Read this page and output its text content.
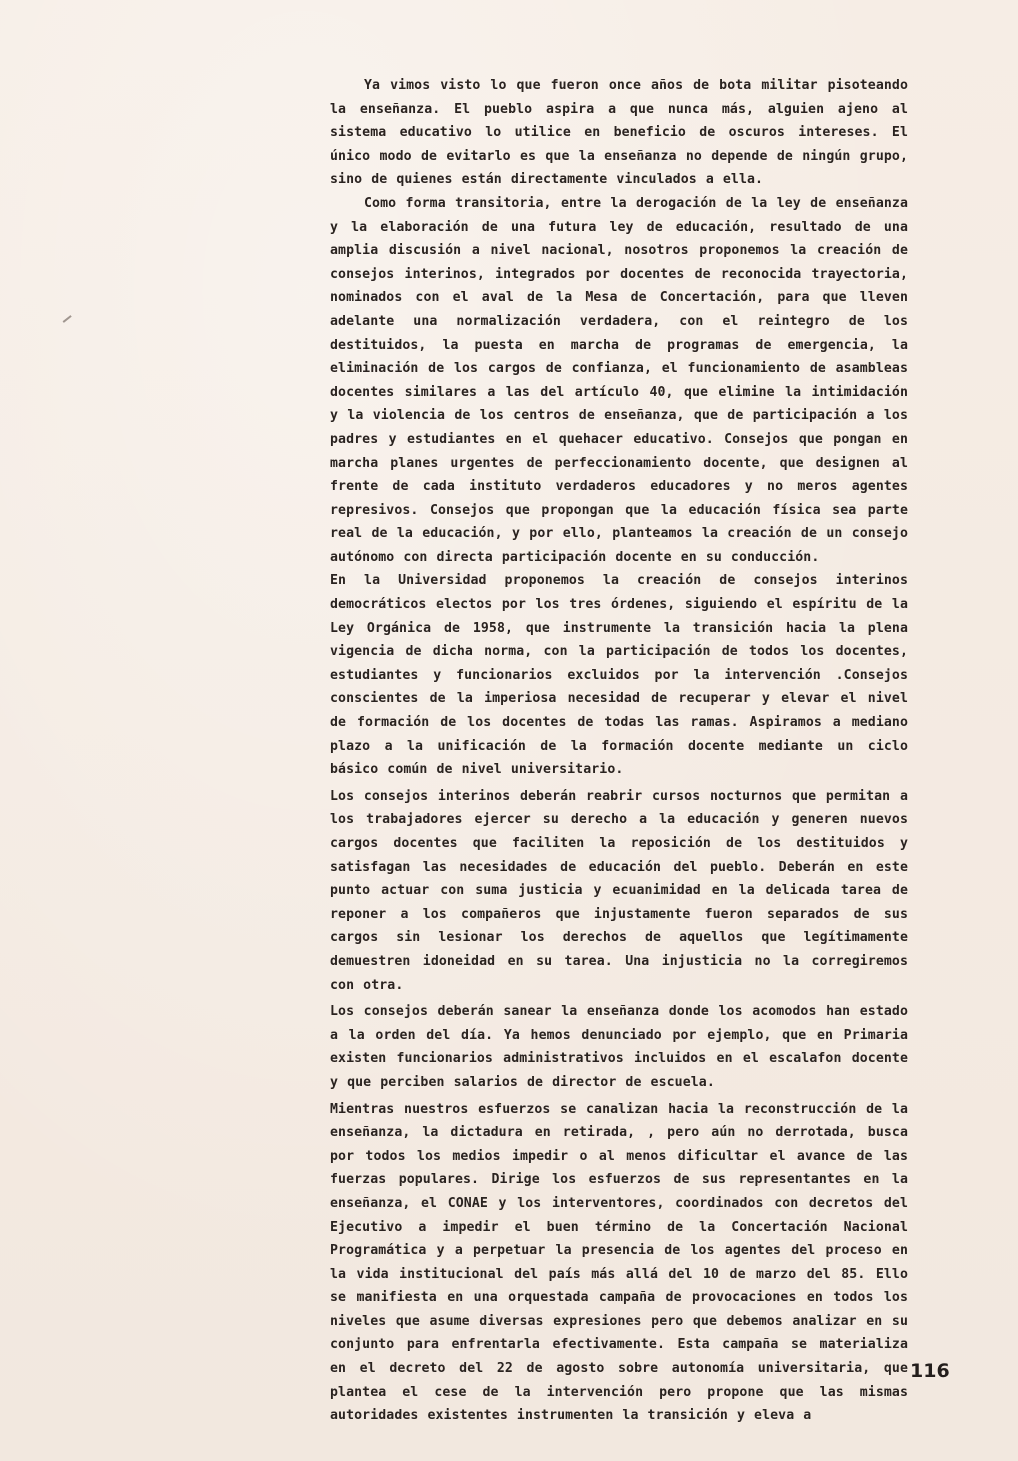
Ya vimos visto lo que fueron once años de bota militar pisoteando la enseñanza. El pueblo aspira a que nunca más, alguien ajeno al sistema educativo lo utilice en beneficio de oscuros intereses. El único modo de evitarlo es que la enseñanza no depende de ningún grupo, sino de quienes están directamente vinculados a ella.

Como forma transitoria, entre la derogación de la ley de enseñanza y la elaboración de una futura ley de educación, resultado de una amplia discusión a nivel nacional, nosotros proponemos la creación de consejos interinos, integrados por docentes de reconocida trayectoria, nominados con el aval de la Mesa de Concertación, para que lleven adelante una normalización verdadera, con el reintegro de los destituidos, la puesta en marcha de programas de emergencia, la eliminación de los cargos de confianza, el funcionamiento de asambleas docentes similares a las del artículo 40, que elimine la intimidación y la violencia de los centros de enseñanza, que de participación a los padres y estudiantes en el quehacer educativo. Consejos que pongan en marcha planes urgentes de perfeccionamiento docente, que designen al frente de cada instituto verdaderos educadores y no meros agentes represivos. Consejos que propongan que la educación física sea parte real de la educación, y por ello, planteamos la creación de un consejo autónomo con directa participación docente en su conducción.

En la Universidad proponemos la creación de consejos interinos democráticos electos por los tres órdenes, siguiendo el espíritu de la Ley Orgánica de 1958, que instrumente la transición hacia la plena vigencia de dicha norma, con la participación de todos los docentes, estudiantes y funcionarios excluidos por la intervención .Consejos conscientes de la imperiosa necesidad de recuperar y elevar el nivel de formación de los docentes de todas las ramas. Aspiramos a mediano plazo a la unificación de la formación docente mediante un ciclo básico común de nivel universitario.

Los consejos interinos deberán reabrir cursos nocturnos que permitan a los trabajadores ejercer su derecho a la educación y generen nuevos cargos docentes que faciliten la reposición de los destituidos y satisfagan las necesidades de educación del pueblo. Deberán en este punto actuar con suma justicia y ecuanimidad en la delicada tarea de reponer a los compañeros que injustamente fueron separados de sus cargos sin lesionar los derechos de aquellos que legítimamente demuestren idoneidad en su tarea. Una injusticia no la corregiremos con otra.

Los consejos deberán sanear la enseñanza donde los acomodos han estado a la orden del día. Ya hemos denunciado por ejemplo, que en Primaria existen funcionarios administrativos incluidos en el escalafon docente y que perciben salarios de director de escuela.

Mientras nuestros esfuerzos se canalizan hacia la reconstrucción de la enseñanza, la dictadura en retirada, , pero aún no derrotada, busca por todos los medios impedir o al menos dificultar el avance de las fuerzas populares. Dirige los esfuerzos de sus representantes en la enseñanza, el CONAE y los interventores, coordinados con decretos del Ejecutivo a impedir el buen término de la Concertación Nacional Programática y a perpetuar la presencia de los agentes del proceso en la vida institucional del país más allá del 10 de marzo del 85. Ello se manifiesta en una orquestada campaña de provocaciones en todos los niveles que asume diversas expresiones pero que debemos analizar en su conjunto para enfrentarla efectivamente. Esta campaña se materializa en el decreto del 22 de agosto sobre autonomía universitaria, que plantea el cese de la intervención pero propone que las mismas autoridades existentes instrumenten la transición y eleva a

116
